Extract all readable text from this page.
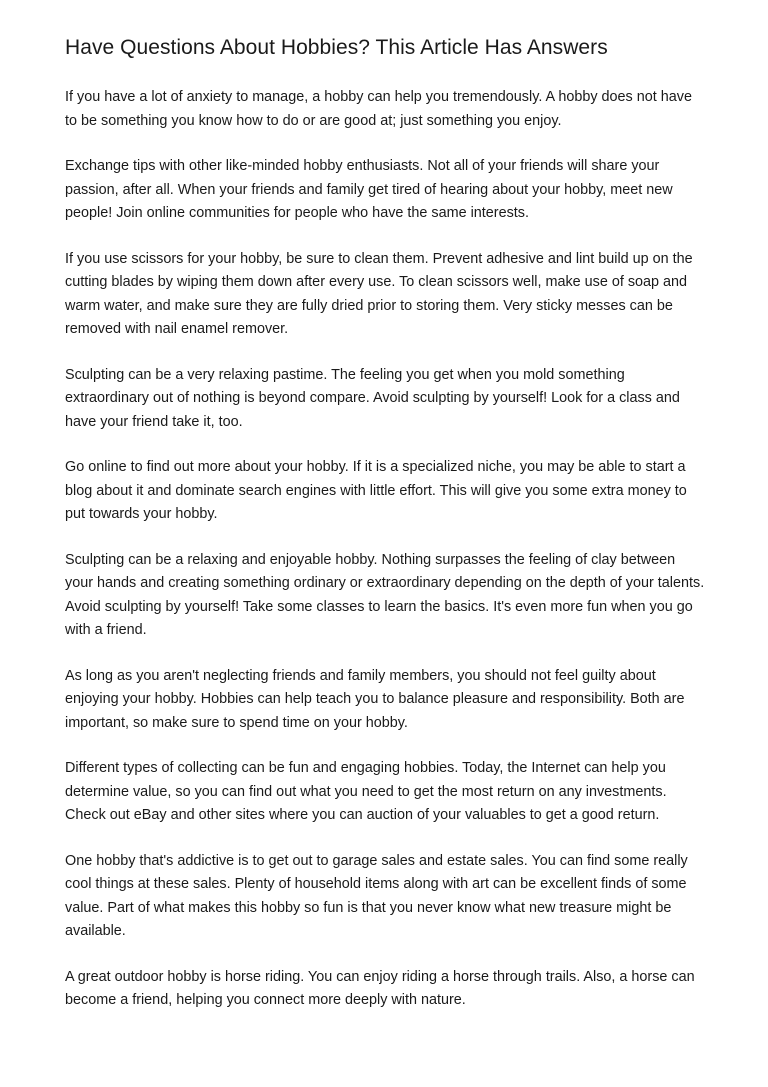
Have Questions About Hobbies? This Article Has Answers

If you have a lot of anxiety to manage, a hobby can help you tremendously. A hobby does not have to be something you know how to do or are good at; just something you enjoy.

Exchange tips with other like-minded hobby enthusiasts. Not all of your friends will share your passion, after all. When your friends and family get tired of hearing about your hobby, meet new people! Join online communities for people who have the same interests.

If you use scissors for your hobby, be sure to clean them. Prevent adhesive and lint build up on the cutting blades by wiping them down after every use. To clean scissors well, make use of soap and warm water, and make sure they are fully dried prior to storing them. Very sticky messes can be removed with nail enamel remover.

Sculpting can be a very relaxing pastime. The feeling you get when you mold something extraordinary out of nothing is beyond compare. Avoid sculpting by yourself! Look for a class and have your friend take it, too.

Go online to find out more about your hobby. If it is a specialized niche, you may be able to start a blog about it and dominate search engines with little effort. This will give you some extra money to put towards your hobby.

Sculpting can be a relaxing and enjoyable hobby. Nothing surpasses the feeling of clay between your hands and creating something ordinary or extraordinary depending on the depth of your talents. Avoid sculpting by yourself! Take some classes to learn the basics. It's even more fun when you go with a friend.

As long as you aren't neglecting friends and family members, you should not feel guilty about enjoying your hobby. Hobbies can help teach you to balance pleasure and responsibility. Both are important, so make sure to spend time on your hobby.

Different types of collecting can be fun and engaging hobbies. Today, the Internet can help you determine value, so you can find out what you need to get the most return on any investments. Check out eBay and other sites where you can auction of your valuables to get a good return.

One hobby that's addictive is to get out to garage sales and estate sales. You can find some really cool things at these sales. Plenty of household items along with art can be excellent finds of some value. Part of what makes this hobby so fun is that you never know what new treasure might be available.

A great outdoor hobby is horse riding. You can enjoy riding a horse through trails. Also, a horse can become a friend, helping you connect more deeply with nature.
